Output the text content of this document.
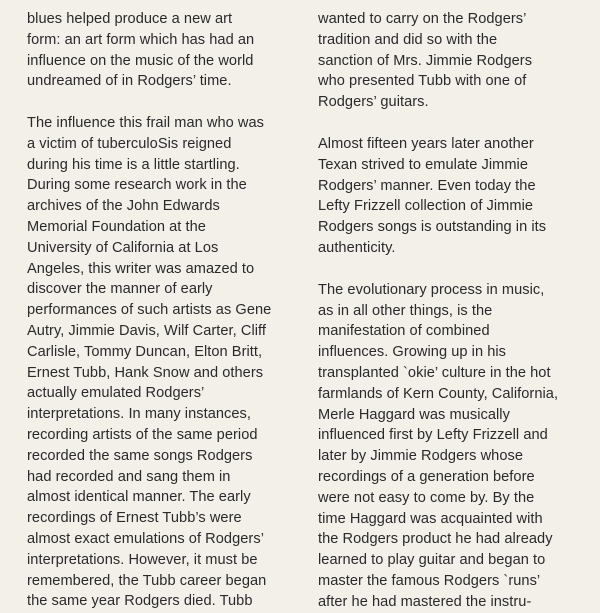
blues helped produce a new art
form: an art form which has had an
influence on the music of the world
undreamed of in Rodgers’ time.

The influence this frail man who was
a victim of tuberculoSis reigned
during his time is a little startling.
During some research work in the
archives of the John Edwards
Memorial Foundation at the
University of California at Los
Angeles, this writer was amazed to
discover the manner of early
performances of such artists as Gene
Autry, Jimmie Davis, Wilf Carter, Cliff
Carlisle, Tommy Duncan, Elton Britt,
Ernest Tubb, Hank Snow and others
actually emulated Rodgers’
interpretations. In many instances,
recording artists of the same period
recorded the same songs Rodgers
had recorded and sang them in
almost identical manner. The early
recordings of Ernest Tubb’s were
almost exact emulations of Rodgers’
interpretations. However, it must be
remembered, the Tubb career began
the same year Rodgers died. Tubb

wanted to carry on the Rodgers’
tradition and did so with the
sanction of Mrs. Jimmie Rodgers
who presented Tubb with one of
Rodgers’ guitars.

Almost fifteen years later another
Texan strived to emulate Jimmie
Rodgers’ manner. Even today the
Lefty Frizzell collection of Jimmie
Rodgers songs is outstanding in its
authenticity.

The evolutionary process in music,
as in all other things, is the
manifestation of combined
influences. Growing up in his
transplanted `okie’ culture in the hot
farmlands of Kern County, California,
Merle Haggard was musically
influenced first by Lefty Frizzell and
later by Jimmie Rodgers whose
recordings of a generation before
were not easy to come by. By the
time Haggard was acquainted with
the Rodgers product he had already
learned to play guitar and began to
master the famous Rodgers `runs’
after he had mastered the instru-
